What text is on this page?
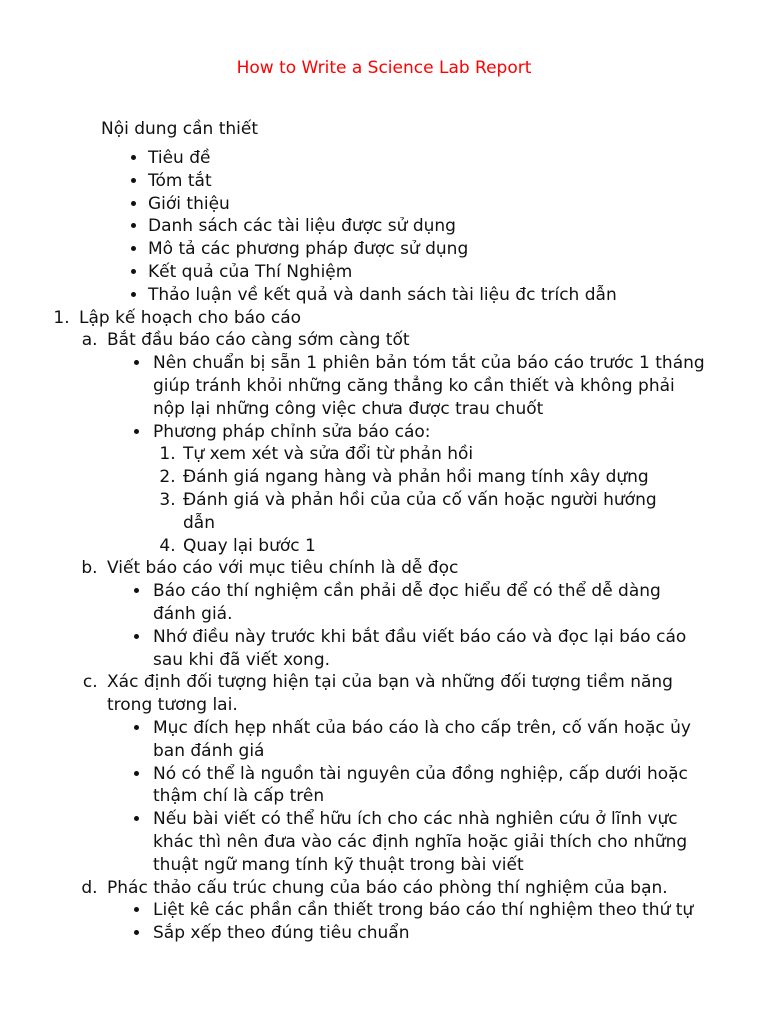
How to Write a Science Lab Report
Nội dung cần thiết
• Tiêu đề
• Tóm tắt
• Giới thiệu
• Danh sách các tài liệu được sử dụng
• Mô tả các phương pháp được sử dụng
• Kết quả của Thí Nghiệm
• Thảo luận về kết quả và danh sách tài liệu đc trích dẫn
1. Lập kế hoạch cho báo cáo
a. Bắt đầu báo cáo càng sớm càng tốt
• Nên chuẩn bị sẵn 1 phiên bản tóm tắt của báo cáo trước 1 tháng giúp tránh khỏi những căng thẳng ko cần thiết và không phải nộp lại những công việc chưa được trau chuốt
• Phương pháp chỉnh sửa báo cáo:
1. Tự xem xét và sửa đổi từ phản hồi
2. Đánh giá ngang hàng và phản hồi mang tính xây dựng
3. Đánh giá và phản hồi của của cố vấn hoặc người hướng dẫn
4. Quay lại bước 1
b. Viết báo cáo với mục tiêu chính là dễ đọc
• Báo cáo thí nghiệm cần phải dễ đọc hiểu để có thể dễ dàng đánh giá.
• Nhớ điều này trước khi bắt đầu viết báo cáo và đọc lại báo cáo sau khi đã viết xong.
c. Xác định đối tượng hiện tại của bạn và những đối tượng tiềm năng trong tương lai.
• Mục đích hẹp nhất của báo cáo là cho cấp trên, cố vấn hoặc ủy ban đánh giá
• Nó có thể là nguồn tài nguyên của đồng nghiệp, cấp dưới hoặc thậm chí là cấp trên
• Nếu bài viết có thể hữu ích cho các nhà nghiên cứu ở lĩnh vực khác thì nên đưa vào các định nghĩa hoặc giải thích cho những thuật ngữ mang tính kỹ thuật trong bài viết
d. Phác thảo cấu trúc chung của báo cáo phòng thí nghiệm của bạn.
• Liệt kê các phần cần thiết trong báo cáo thí nghiệm theo thứ tự
• Sắp xếp theo đúng tiêu chuẩn
